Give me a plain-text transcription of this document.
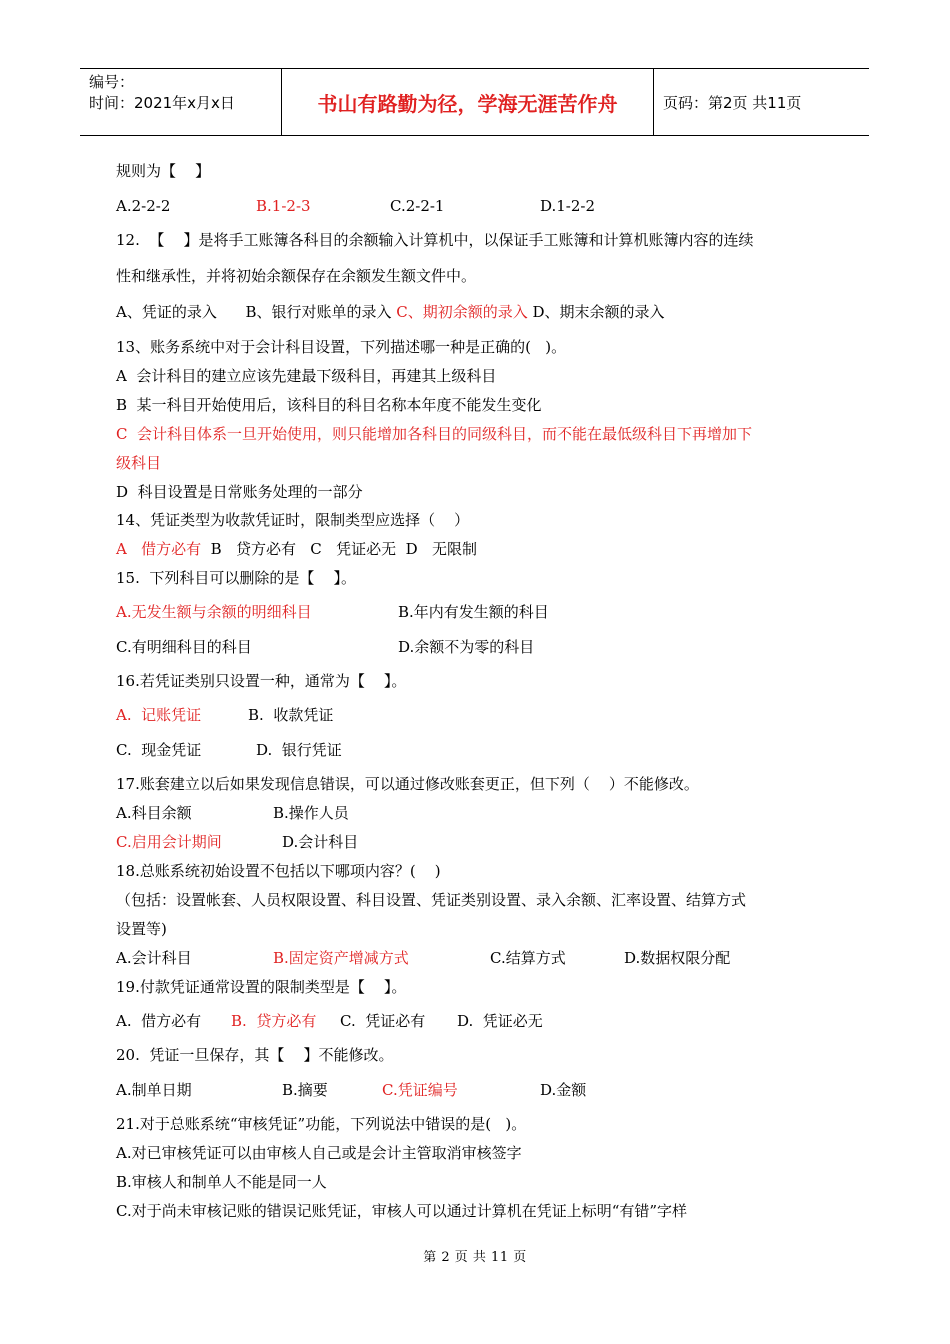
编号：
时间：2021年x月x日	书山有路勤为径，学海无涯苦作舟	页码：第2页 共11页
规则为【    】
A.2-2-2	B.1-2-3	C.2-2-1	D.1-2-2
12.  【    】是将手工账簿各科目的余额输入计算机中，以保证手工账簿和计算机账簿内容的连续
性和继承性，并将初始余额保存在余额发生额文件中。
A、凭证的录入      B、银行对账单的录入 C、期初余额的录入 D、期末余额的录入
13、账务系统中对于会计科目设置，下列描述哪一种是正确的(   )。
A  会计科目的建立应该先建最下级科目，再建其上级科目
B  某一科目开始使用后，该科目的科目名称本年度不能发生变化
C  会计科目体系一旦开始使用，则只能增加各科目的同级科目，而不能在最低级科目下再增加下
级科目
D  科目设置是日常账务处理的一部分
14、凭证类型为收款凭证时，限制类型应选择（    ）
A   借方必有  B   贷方必有   C   凭证必无  D   无限制
15.  下列科目可以删除的是【    】。
A.无发生额与余额的明细科目	B.年内有发生额的科目
C.有明细科目的科目	D.余额不为零的科目
16.若凭证类别只设置一种，通常为【    】。
A.  记账凭证	B.  收款凭证
C.  现金凭证	D.  银行凭证
17.账套建立以后如果发现信息错误，可以通过修改账套更正，但下列（    ）不能修改。
A.科目余额	B.操作人员
C.启用会计期间	D.会计科目
18.总账系统初始设置不包括以下哪项内容？(    )
（包括：设置帐套、人员权限设置、科目设置、凭证类别设置、录入余额、汇率设置、结算方式
设置等)
A.会计科目	B.固定资产增减方式	C.结算方式	D.数据权限分配
19.付款凭证通常设置的限制类型是【    】。
A.  借方必有 B.  贷方必有 C.  凭证必有 D.  凭证必无
20.  凭证一旦保存，其【    】不能修改。
A.制单日期	B.摘要	C.凭证编号	D.金额
21.对于总账系统“审核凭证”功能，下列说法中错误的是(   )。
A.对已审核凭证可以由审核人自己或是会计主管取消审核签字
B.审核人和制单人不能是同一人
C.对于尚未审核记账的错误记账凭证，审核人可以通过计算机在凭证上标明“有错”字样
第 2 页 共 11 页
